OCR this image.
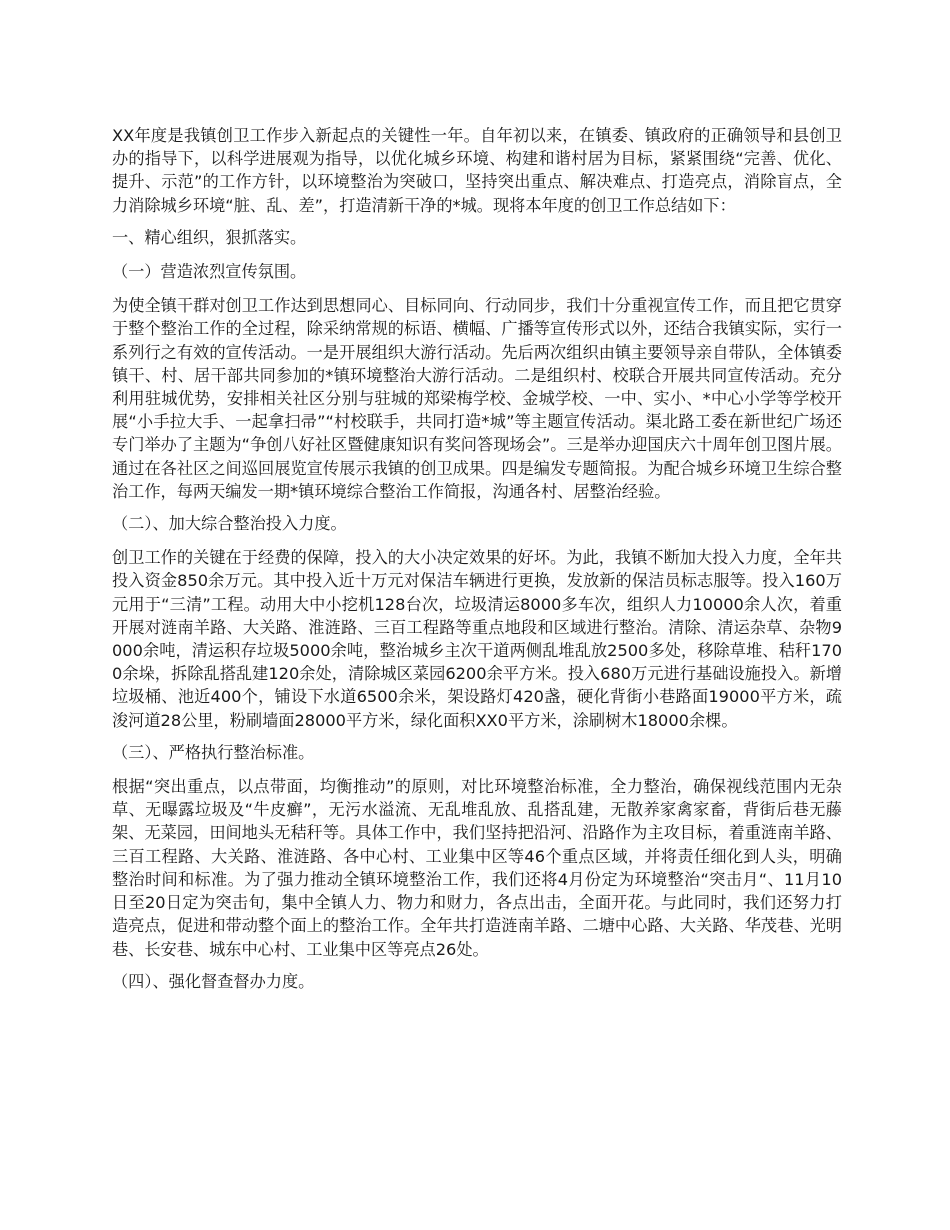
XX年度是我镇创卫工作步入新起点的关键性一年。自年初以来，在镇委、镇政府的正确领导和县创卫办的指导下，以科学进展观为指导，以优化城乡环境、构建和谐村居为目标，紧紧围绕“完善、优化、提升、示范”的工作方针，以环境整治为突破口，坚持突出重点、解决难点、打造亮点，消除盲点，全力消除城乡环境“脏、乱、差”，打造清新干净的*城。现将本年度的创卫工作总结如下：

一、精心组织，狠抓落实。

（一）营造浓烈宣传氛围。

为使全镇干群对创卫工作达到思想同心、目标同向、行动同步，我们十分重视宣传工作，而且把它贯穿于整个整治工作的全过程，除采纳常规的标语、横幅、广播等宣传形式以外，还结合我镇实际，实行一系列行之有效的宣传活动。一是开展组织大游行活动。先后两次组织由镇主要领导亲自带队，全体镇委镇干、村、居干部共同参加的*镇环境整治大游行活动。二是组织村、校联合开展共同宣传活动。充分利用驻城优势，安排相关社区分别与驻城的郑梁梅学校、金城学校、一中、实小、*中心小学等学校开展“小手拉大手、一起拿扫帚”“村校联手，共同打造*城”等主题宣传活动。渠北路工委在新世纪广场还专门举办了主题为“争创八好社区暨健康知识有奖问答现场会”。三是举办迎国庆六十周年创卫图片展。通过在各社区之间巡回展览宣传展示我镇的创卫成果。四是编发专题简报。为配合城乡环境卫生综合整治工作，每两天编发一期*镇环境综合整治工作简报，沟通各村、居整治经验。

（二）、加大综合整治投入力度。

创卫工作的关键在于经费的保障，投入的大小决定效果的好坏。为此，我镇不断加大投入力度，全年共投入资金850余万元。其中投入近十万元对保洁车辆进行更换，发放新的保洁员标志服等。投入160万元用于“三清”工程。动用大中小挖机128台次，垃圾清运8000多车次，组织人力10000余人次，着重开展对涟南羊路、大关路、淮涟路、三百工程路等重点地段和区域进行整治。清除、清运杂草、杂物9000余吨，清运积存垃圾5000余吨，整治城乡主次干道两侧乱堆乱放2500多处，移除草堆、秸秆1700余垛，拆除乱搭乱建120余处，清除城区菜园6200余平方米。投入680万元进行基础设施投入。新增垃圾桶、池近400个，铺设下水道6500余米，架设路灯420盏，硬化背街小巷路面19000平方米，疏浚河道28公里，粉刷墙面28000平方米，绿化面积XX0平方米，涂刷树木18000余棵。

（三）、严格执行整治标准。

根据“突出重点，以点带面，均衡推动”的原则，对比环境整治标准，全力整治，确保视线范围内无杂草、无曝露垃圾及“牛皮癣”，无污水溢流、无乱堆乱放、乱搭乱建，无散养家禽家畜，背街后巷无藤架、无菜园，田间地头无秸秆等。具体工作中，我们坚持把沿河、沿路作为主攻目标，着重涟南羊路、三百工程路、大关路、淮涟路、各中心村、工业集中区等46个重点区域，并将责任细化到人头，明确整治时间和标准。为了强力推动全镇环境整治工作，我们还将4月份定为环境整治“突击月“、11月10日至20日定为突击旬，集中全镇人力、物力和财力，各点出击，全面开花。与此同时，我们还努力打造亮点，促进和带动整个面上的整治工作。全年共打造涟南羊路、二塘中心路、大关路、华茂巷、光明巷、长安巷、城东中心村、工业集中区等亮点26处。

（四）、强化督查督办力度。
